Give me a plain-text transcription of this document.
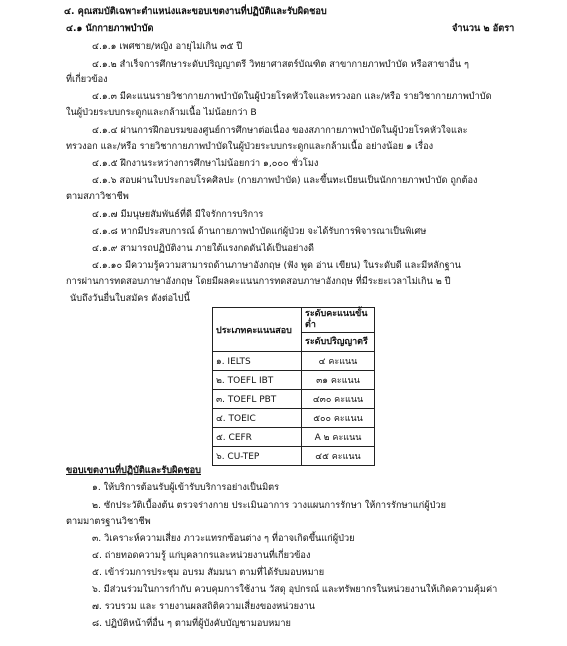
๔. คุณสมบัติเฉพาะตำแหน่งและขอบเขตงานที่ปฏิบัติและรับผิดชอบ
๔.๑ นักกายภาพบำบัด	จำนวน ๒ อัตรา
๔.๑.๑ เพศชาย/หญิง อายุไม่เกิน ๓๕ ปี
๔.๑.๒ สำเร็จการศึกษาระดับปริญญาตรี วิทยาศาสตร์บัณฑิต สาขากายภาพบำบัด หรือสาขาอื่น ๆ
ที่เกี่ยวข้อง
๔.๑.๓ มีคะแนนรายวิชากายภาพบำบัดในผู้ป่วยโรคหัวใจและทรวงอก และ/หรือ รายวิชากายภาพบำบัด
ในผู้ป่วยระบบกระดูกและกล้ามเนื้อ ไม่น้อยกว่า B
๔.๑.๔ ผ่านการฝึกอบรมของศูนย์การศึกษาต่อเนื่อง ของสภากายภาพบำบัดในผู้ป่วยโรคหัวใจและ
ทรวงอก และ/หรือ รายวิชากายภาพบำบัดในผู้ป่วยระบบกระดูกและกล้ามเนื้อ อย่างน้อย ๑ เรื่อง
๔.๑.๕ ฝึกงานระหว่างการศึกษาไม่น้อยกว่า ๑,๐๐๐ ชั่วโมง
๔.๑.๖ สอบผ่านใบประกอบโรคศิลปะ (กายภาพบำบัด) และขึ้นทะเบียนเป็นนักกายภาพบำบัด ถูกต้อง
ตามสภาวิชาชีพ
๔.๑.๗ มีมนุษยสัมพันธ์ที่ดี มีใจรักการบริการ
๔.๑.๘ หากมีประสบการณ์ ด้านกายภาพบำบัดแก่ผู้ป่วย จะได้รับการพิจารณาเป็นพิเศษ
๔.๑.๙ สามารถปฏิบัติงาน ภายใต้แรงกดดันได้เป็นอย่างดี
๔.๑.๑๐ มีความรู้ความสามารถด้านภาษาอังกฤษ (ฟัง พูด อ่าน เขียน) ในระดับดี และมีหลักฐาน
การผ่านการทดสอบภาษาอังกฤษ โดยมีผลคะแนนการทดสอบภาษาอังกฤษ ที่มีระยะเวลาไม่เกิน ๒ ปี
นับถึงวันยื่นใบสมัคร ดังต่อไปนี้
ประเภทคะแนนสอบ	ระดับคะแนนขั้นต่ำ
	ระดับปริญญาตรี
๑. IELTS	๔ คะแนน
๒. TOEFL IBT	๓๑ คะแนน
๓. TOEFL PBT	๔๓๐ คะแนน
๔. TOEIC	๕๐๐ คะแนน
๕. CEFR	A ๒ คะแนน
๖. CU-TEP	๔๕ คะแนน
ขอบเขตงานที่ปฏิบัติและรับผิดชอบ
๑. ให้บริการต้อนรับผู้เข้ารับบริการอย่างเป็นมิตร
๒. ซักประวัติเบื้องต้น ตรวจร่างกาย ประเมินอาการ วางแผนการรักษา ให้การรักษาแก่ผู้ป่วย
ตามมาตรฐานวิชาชีพ
๓. วิเคราะห์ความเสี่ยง ภาวะแทรกซ้อนต่าง ๆ ที่อาจเกิดขึ้นแก่ผู้ป่วย
๔. ถ่ายทอดความรู้ แก่บุคลากรและหน่วยงานที่เกี่ยวข้อง
๕. เข้าร่วมการประชุม อบรม สัมมนา ตามที่ได้รับมอบหมาย
๖. มีส่วนร่วมในการกำกับ ควบคุมการใช้งาน วัสดุ อุปกรณ์ และทรัพยากรในหน่วยงานให้เกิดความคุ้มค่า
๗. รวบรวม และ รายงานผลสถิติความเสี่ยงของหน่วยงาน
๘. ปฏิบัติหน้าที่อื่น ๆ ตามที่ผู้บังคับบัญชามอบหมาย
